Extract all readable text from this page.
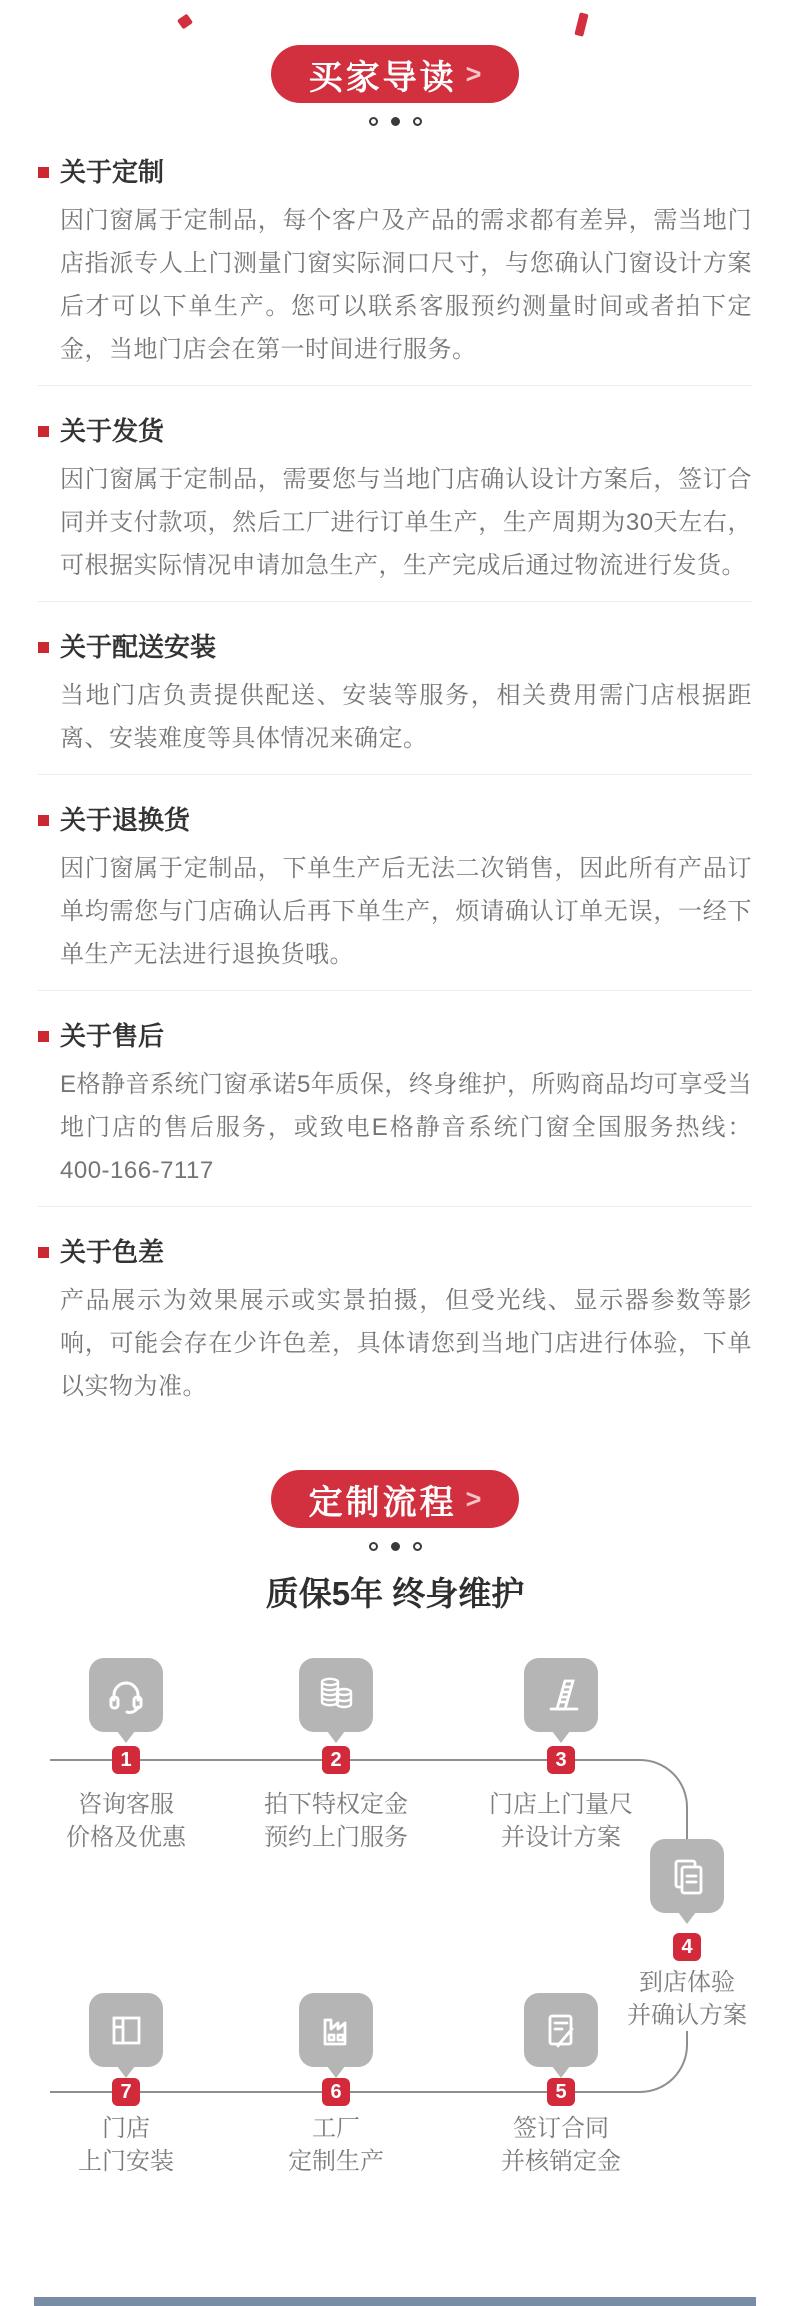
买家导读 >
关于定制

因门窗属于定制品，每个客户及产品的需求都有差异，需当地门店指派专人上门测量门窗实际洞口尺寸，与您确认门窗设计方案后才可以下单生产。您可以联系客服预约测量时间或者拍下定金，当地门店会在第一时间进行服务。

关于发货

因门窗属于定制品，需要您与当地门店确认设计方案后，签订合同并支付款项，然后工厂进行订单生产，生产周期为30天左右，可根据实际情况申请加急生产，生产完成后通过物流进行发货。

关于配送安装

当地门店负责提供配送、安装等服务，相关费用需门店根据距离、安装难度等具体情况来确定。

关于退换货

因门窗属于定制品，下单生产后无法二次销售，因此所有产品订单均需您与门店确认后再下单生产，烦请确认订单无误，一经下单生产无法进行退换货哦。

关于售后

E格静音系统门窗承诺5年质保，终身维护，所购商品均可享受当地门店的售后服务，或致电E格静音系统门窗全国服务热线：400-166-7117

关于色差

产品展示为效果展示或实景拍摄，但受光线、显示器参数等影响，可能会存在少许色差，具体请您到当地门店进行体验，下单以实物为准。

定制流程 >
质保5年 终身维护
1
咨询客服
价格及优惠
2
拍下特权定金
预约上门服务
3
门店上门量尺
并设计方案
4
到店体验
并确认方案
5
签订合同
并核销定金
6
工厂
定制生产
7
门店
上门安装
